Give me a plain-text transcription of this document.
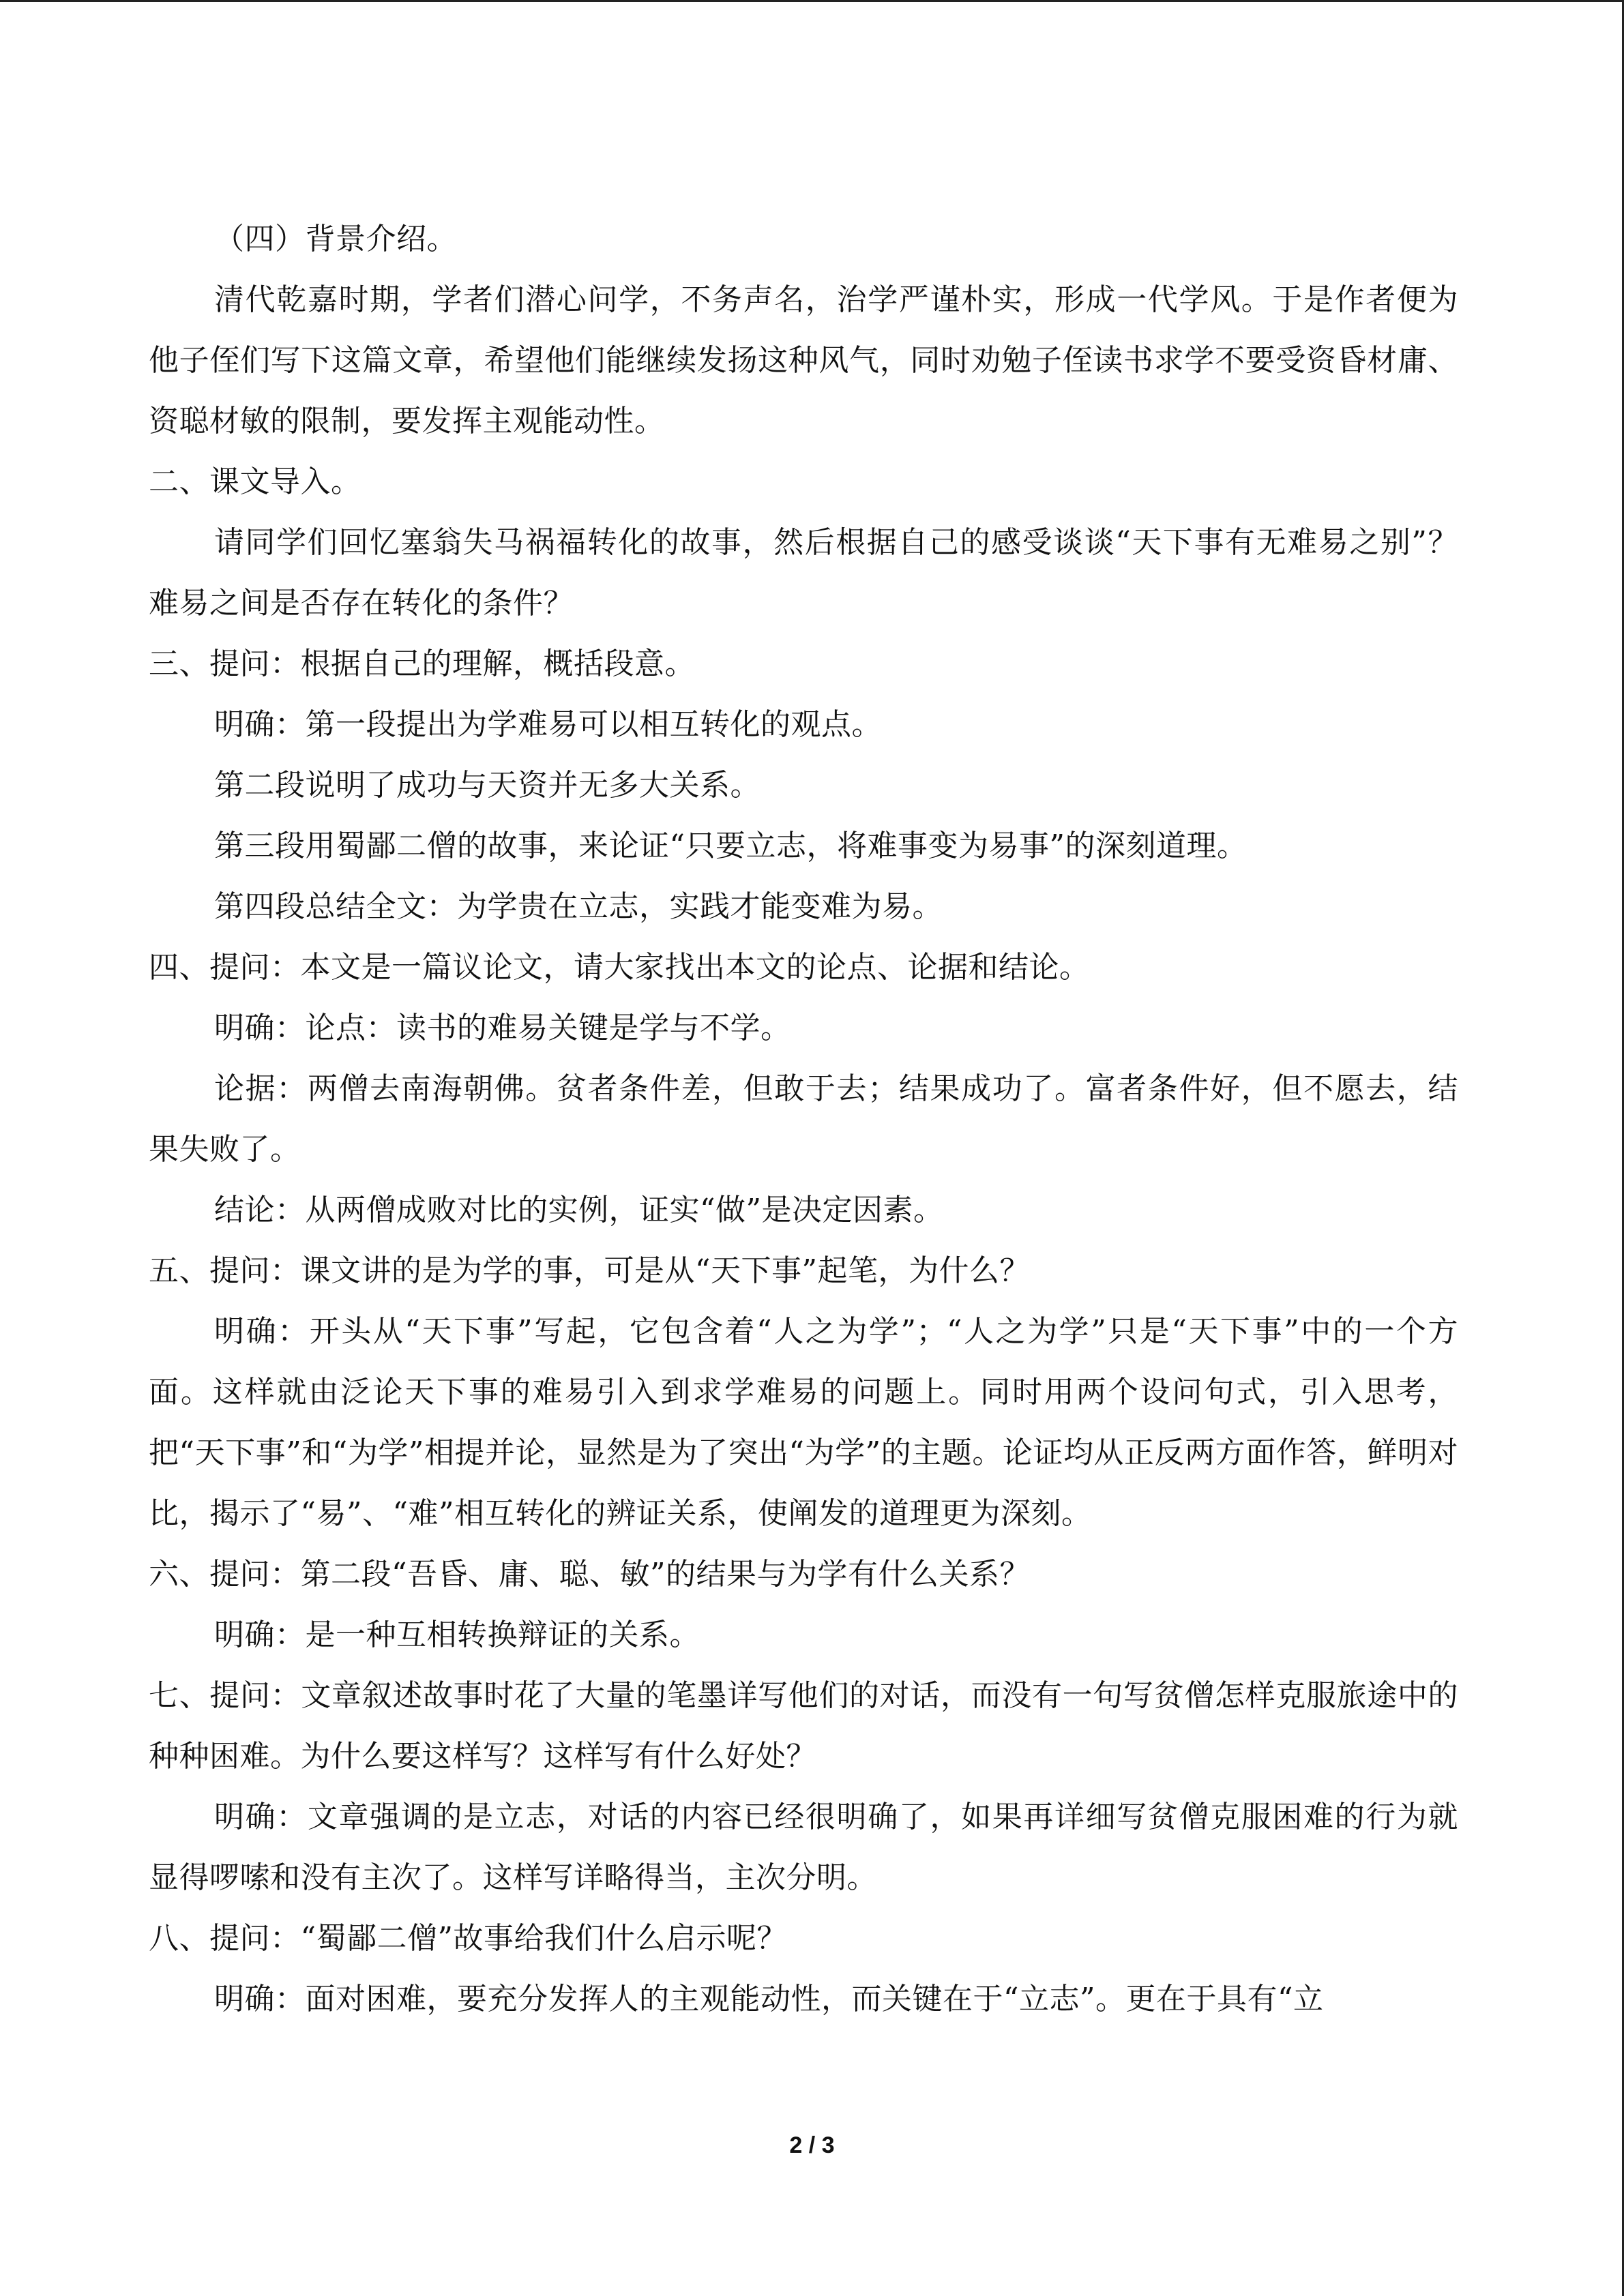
（四）背景介绍。

清代乾嘉时期，学者们潜心问学，不务声名，治学严谨朴实，形成一代学风。于是作者便为他子侄们写下这篇文章，希望他们能继续发扬这种风气，同时劝勉子侄读书求学不要受资昏材庸、资聪材敏的限制，要发挥主观能动性。

二、课文导入。

请同学们回忆塞翁失马祸福转化的故事，然后根据自己的感受谈谈“天下事有无难易之别”？难易之间是否存在转化的条件？

三、提问：根据自己的理解，概括段意。

明确：第一段提出为学难易可以相互转化的观点。

第二段说明了成功与天资并无多大关系。

第三段用蜀鄙二僧的故事，来论证“只要立志，将难事变为易事”的深刻道理。

第四段总结全文：为学贵在立志，实践才能变难为易。

四、提问：本文是一篇议论文，请大家找出本文的论点、论据和结论。

明确：论点：读书的难易关键是学与不学。

论据：两僧去南海朝佛。贫者条件差，但敢于去；结果成功了。富者条件好，但不愿去，结果失败了。

结论：从两僧成败对比的实例，证实“做”是决定因素。

五、提问：课文讲的是为学的事，可是从“天下事”起笔，为什么？

明确：开头从“天下事”写起，它包含着“人之为学”；“人之为学”只是“天下事”中的一个方面。这样就由泛论天下事的难易引入到求学难易的问题上。同时用两个设问句式，引入思考，把“天下事”和“为学”相提并论，显然是为了突出“为学”的主题。论证均从正反两方面作答，鲜明对比，揭示了“易”、“难”相互转化的辨证关系，使阐发的道理更为深刻。

六、提问：第二段“吾昏、庸、聪、敏”的结果与为学有什么关系？

明确：是一种互相转换辩证的关系。

七、提问：文章叙述故事时花了大量的笔墨详写他们的对话，而没有一句写贫僧怎样克服旅途中的种种困难。为什么要这样写？这样写有什么好处？

明确：文章强调的是立志，对话的内容已经很明确了，如果再详细写贫僧克服困难的行为就显得啰嗦和没有主次了。这样写详略得当，主次分明。

八、提问：“蜀鄙二僧”故事给我们什么启示呢？

明确：面对困难，要充分发挥人的主观能动性，而关键在于“立志”。更在于具有“立

2 / 3
